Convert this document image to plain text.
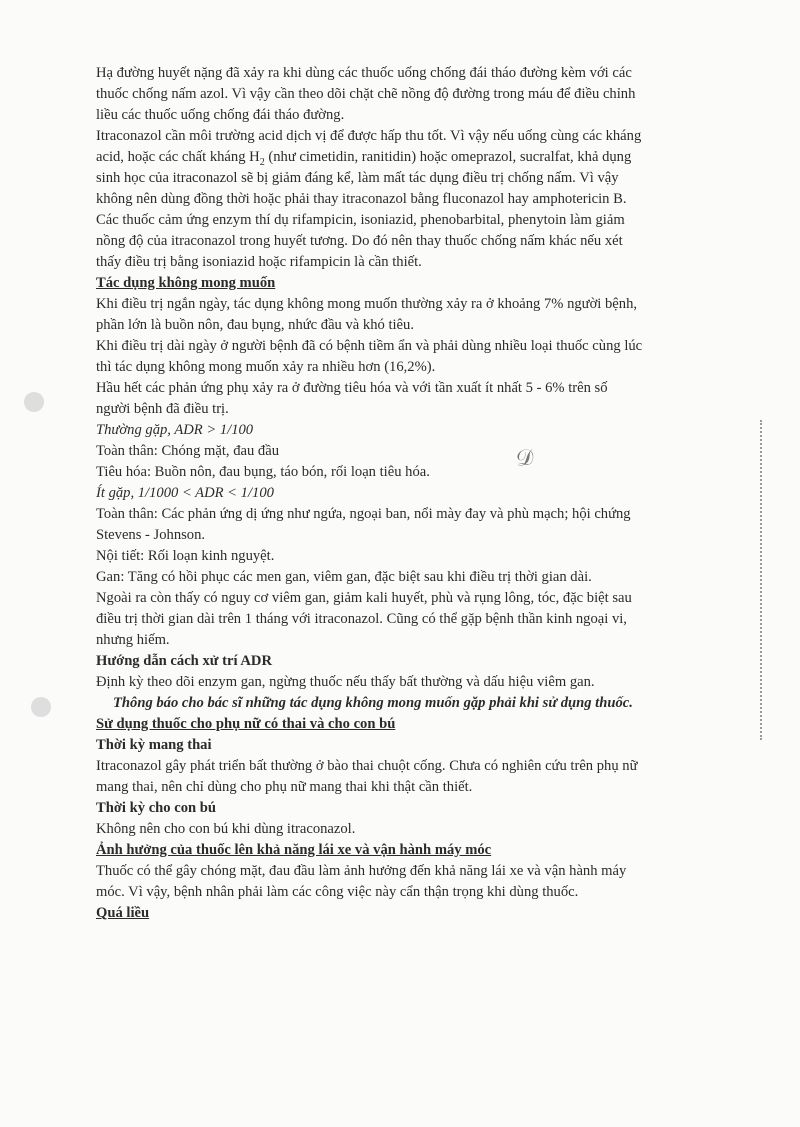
𝒟

Hạ đường huyết nặng đã xảy ra khi dùng các thuốc uống chống đái tháo đường kèm với các
thuốc chống nấm azol. Vì vậy cần theo dõi chặt chẽ nồng độ đường trong máu để điều chỉnh
liều các thuốc uống chống đái tháo đường.

Itraconazol cần môi trường acid dịch vị để được hấp thu tốt. Vì vậy nếu uống cùng các kháng
acid, hoặc các chất kháng $H_2$ (như cimetidin, ranitidin) hoặc omeprazol, sucralfat, khả dụng
sinh học của itraconazol sẽ bị giảm đáng kể, làm mất tác dụng điều trị chống nấm. Vì vậy
không nên dùng đồng thời hoặc phải thay itraconazol bằng fluconazol hay amphotericin B.

Các thuốc cảm ứng enzym thí dụ rifampicin, isoniazid, phenobarbital, phenytoin làm giảm
nồng độ của itraconazol trong huyết tương. Do đó nên thay thuốc chống nấm khác nếu xét
thấy điều trị bằng isoniazid hoặc rifampicin là cần thiết.

Tác dụng không mong muốn

Khi điều trị ngắn ngày, tác dụng không mong muốn thường xảy ra ở khoảng 7% người bệnh,
phần lớn là buồn nôn, đau bụng, nhức đầu và khó tiêu.

Khi điều trị dài ngày ở người bệnh đã có bệnh tiềm ẩn và phải dùng nhiều loại thuốc cùng lúc
thì tác dụng không mong muốn xảy ra nhiều hơn (16,2%).

Hầu hết các phản ứng phụ xảy ra ở đường tiêu hóa và với tần xuất ít nhất 5 - 6% trên số
người bệnh đã điều trị.

Thường gặp, ADR > 1/100

Toàn thân: Chóng mặt, đau đầu

Tiêu hóa: Buồn nôn, đau bụng, táo bón, rối loạn tiêu hóa.

Ít gặp, 1/1000 < ADR < 1/100

Toàn thân: Các phản ứng dị ứng như ngứa, ngoại ban, nổi mày đay và phù mạch; hội chứng
Stevens - Johnson.

Nội tiết: Rối loạn kinh nguyệt.

Gan: Tăng có hồi phục các men gan, viêm gan, đặc biệt sau khi điều trị thời gian dài.

Ngoài ra còn thấy có nguy cơ viêm gan, giảm kali huyết, phù và rụng lông, tóc, đặc biệt sau
điều trị thời gian dài trên 1 tháng với itraconazol. Cũng có thể gặp bệnh thần kinh ngoại vi,
nhưng hiếm.

Hướng dẫn cách xử trí ADR

Định kỳ theo dõi enzym gan, ngừng thuốc nếu thấy bất thường và dấu hiệu viêm gan.

Thông báo cho bác sĩ những tác dụng không mong muốn gặp phải khi sử dụng thuốc.

Sử dụng thuốc cho phụ nữ có thai và cho con bú

Thời kỳ mang thai

Itraconazol gây phát triển bất thường ở bào thai chuột cống. Chưa có nghiên cứu trên phụ nữ
mang thai, nên chỉ dùng cho phụ nữ mang thai khi thật cần thiết.

Thời kỳ cho con bú

Không nên cho con bú khi dùng itraconazol.

Ảnh hưởng của thuốc lên khả năng lái xe và vận hành máy móc

Thuốc có thể gây chóng mặt, đau đầu làm ảnh hưởng đến khả năng lái xe và vận hành máy
móc. Vì vậy, bệnh nhân phải làm các công việc này cẩn thận trọng khi dùng thuốc.

Quá liều
